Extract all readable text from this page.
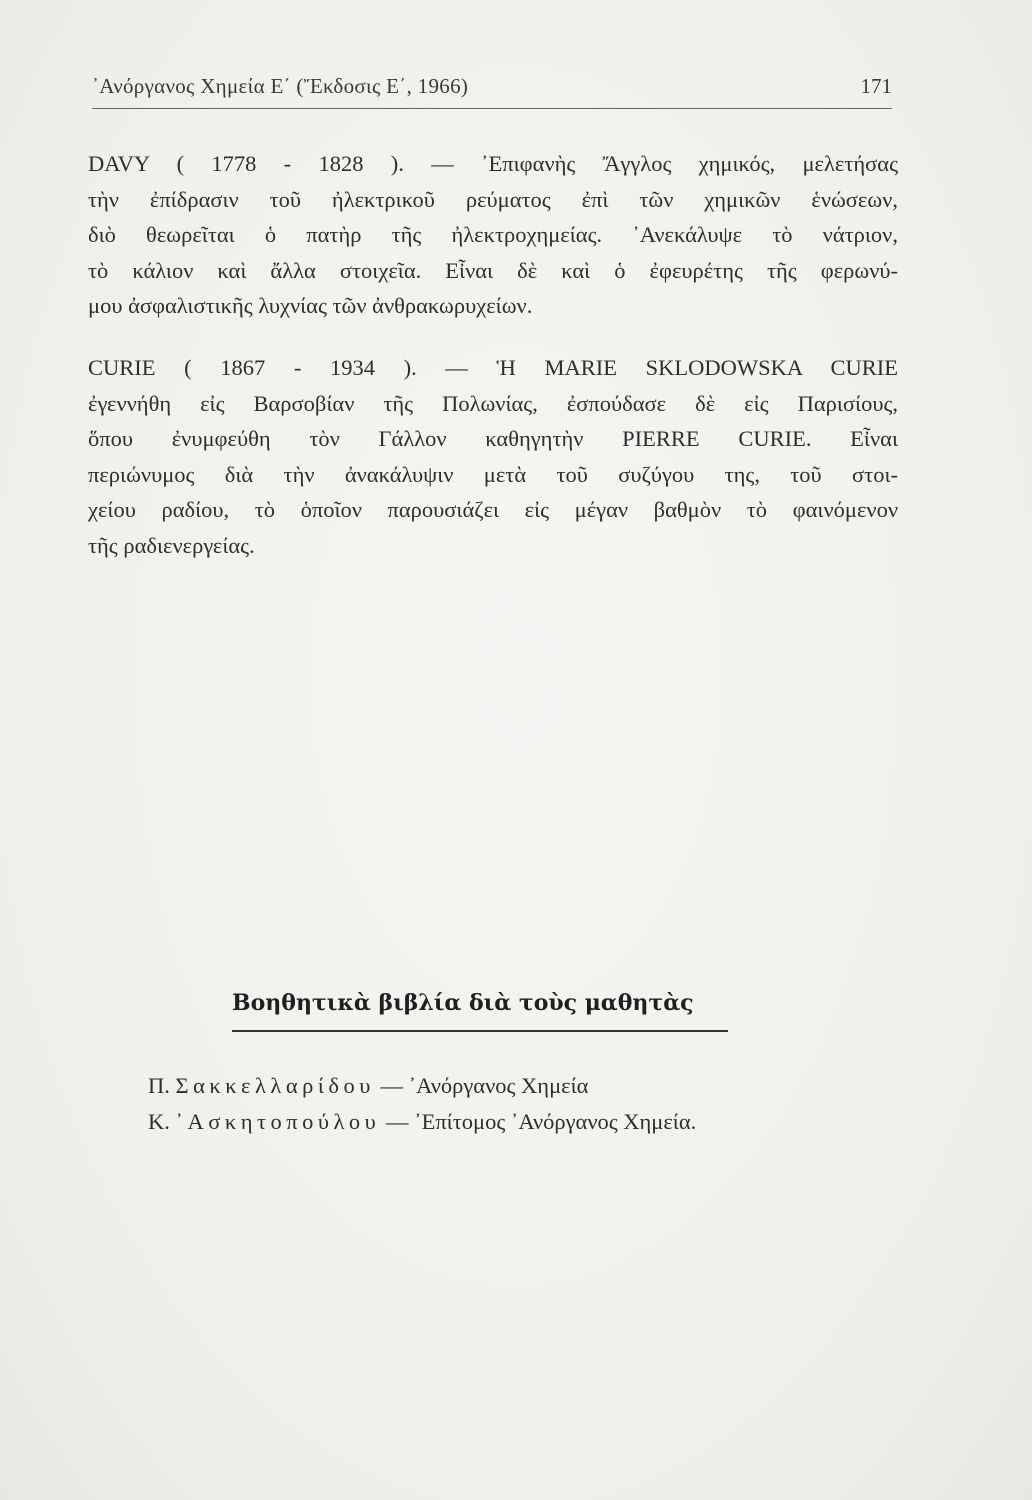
᾿Ανόργανος Χημεία Ε΄ (Ἔκδοσις Ε΄, 1966)	171
DAVY ( 1778 - 1828 ). — ᾿Επιφανὴς Ἄγγλος χημικός, μελετήσας
τὴν ἐπίδρασιν τοῦ ἠλεκτρικοῦ ρεύματος ἐπὶ τῶν χημικῶν ἑνώσεων,
διὸ θεωρεῖται ὁ πατὴρ τῆς ἠλεκτροχημείας. ᾿Ανεκάλυψε τὸ νάτριον,
τὸ κάλιον καὶ ἄλλα στοιχεῖα. Εἶναι δὲ καὶ ὁ ἐφευρέτης τῆς φερωνύ-
μου ἀσφαλιστικῆς λυχνίας τῶν ἀνθρακωρυχείων.
CURIE ( 1867 - 1934 ). — Ἡ MARIE SKLODOWSKA CURIE
ἐγεννήθη εἰς Βαρσοβίαν τῆς Πολωνίας, ἐσπούδασε δὲ εἰς Παρισίους,
ὅπου ἐνυμφεύθη τὸν Γάλλον καθηγητὴν PIERRE CURIE. Εἶναι
περιώνυμος διὰ τὴν ἀνακάλυψιν μετὰ τοῦ συζύγου της, τοῦ στοι-
χείου ραδίου, τὸ ὁποῖον παρουσιάζει εἰς μέγαν βαθμὸν τὸ φαινόμενον
τῆς ραδιενεργείας.
Βοηθητικὰ βιβλία διὰ τοὺς μαθητὰς
Π. Σακκελλαρίδου — ᾿Ανόργανος Χημεία
Κ. ᾿Ασκητοπούλου — ᾿Επίτομος ᾿Ανόργανος Χημεία.
